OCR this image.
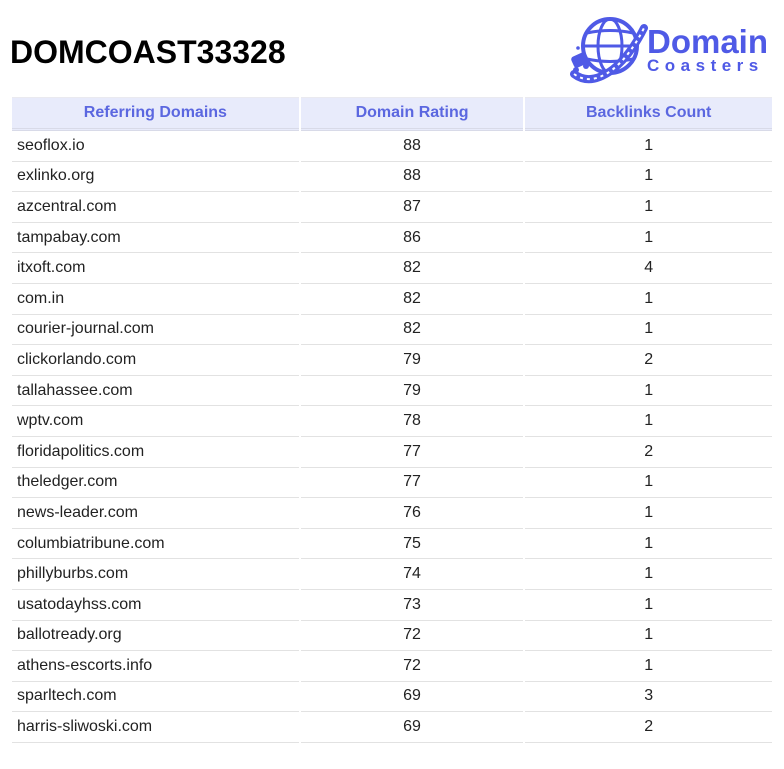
DOMCOAST33328	Domain
Coasters
Referring Domains	Domain Rating	Backlinks Count
seoflox.io	88	1
exlinko.org	88	1
azcentral.com	87	1
tampabay.com	86	1
itxoft.com	82	4
com.in	82	1
courier-journal.com	82	1
clickorlando.com	79	2
tallahassee.com	79	1
wptv.com	78	1
floridapolitics.com	77	2
theledger.com	77	1
news-leader.com	76	1
columbiatribune.com	75	1
phillyburbs.com	74	1
usatodayhss.com	73	1
ballotready.org	72	1
athens-escorts.info	72	1
sparltech.com	69	3
harris-sliwoski.com	69	2
